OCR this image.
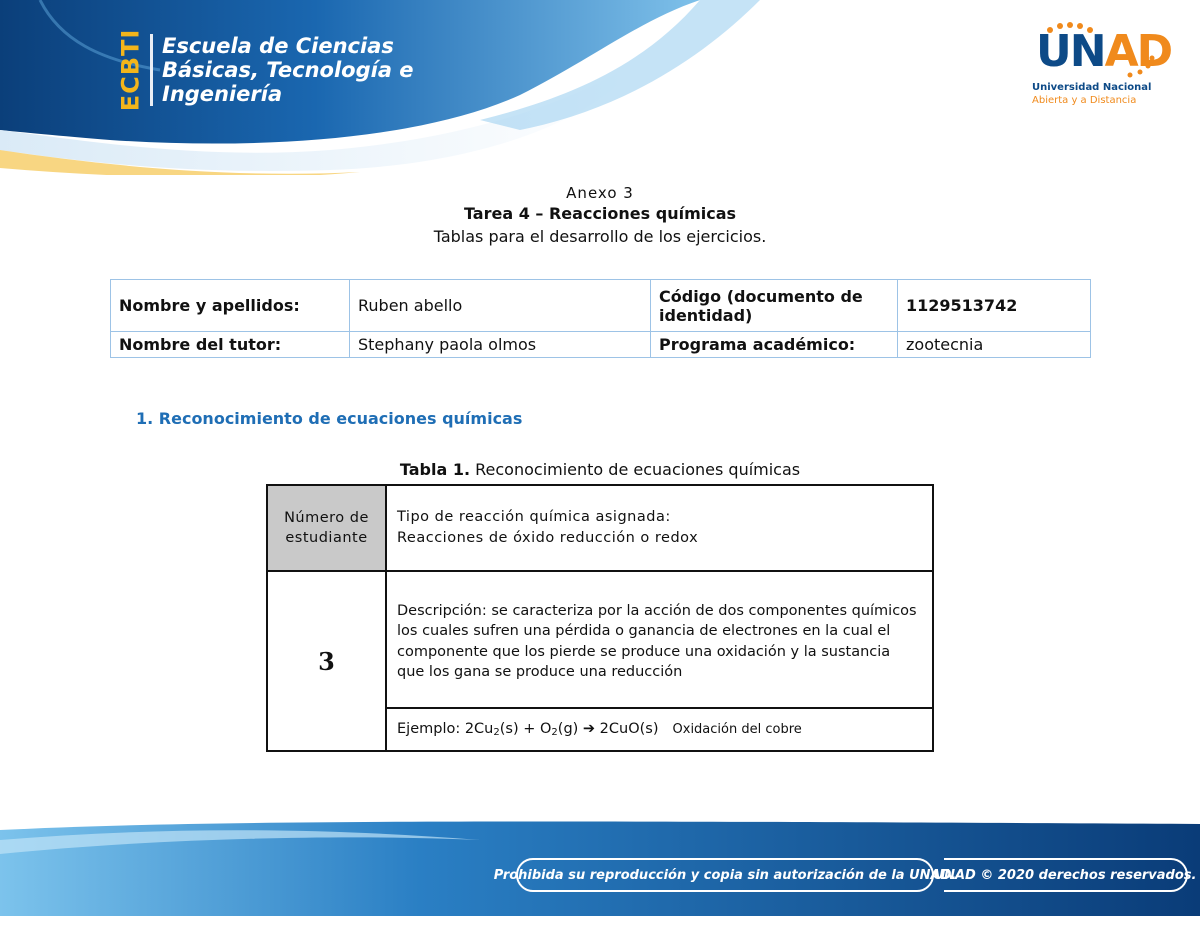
ECBTI Escuela de Ciencias
Básicas, Tecnología e
Ingeniería
UNAD
Universidad Nacional
Abierta y a Distancia
Anexo 3
Tarea 4 – Reacciones químicas
Tablas para el desarrollo de los ejercicios.
Nombre y apellidos:	Ruben abello	Código (documento de identidad)	1129513742
Nombre del tutor:	Stephany paola olmos	Programa académico:	zootecnia
1. Reconocimiento de ecuaciones químicas
Tabla 1. Reconocimiento de ecuaciones químicas
Número de estudiante	Tipo de reacción química asignada:
Reacciones de óxido reducción o redox

3	Descripción: se caracteriza por la acción de dos componentes químicos los cuales sufren una pérdida o ganancia de electrones en la cual el componente que los pierde se produce una oxidación y la sustancia que los gana se produce una reducción
	Ejemplo: $2Cu_2(s) + O_2(g)$ ➔ 2CuO(s) Oxidación del cobre
Prohibida su reproducción y copia sin autorización de la UNAD.
UNAD © 2020 derechos reservados.
